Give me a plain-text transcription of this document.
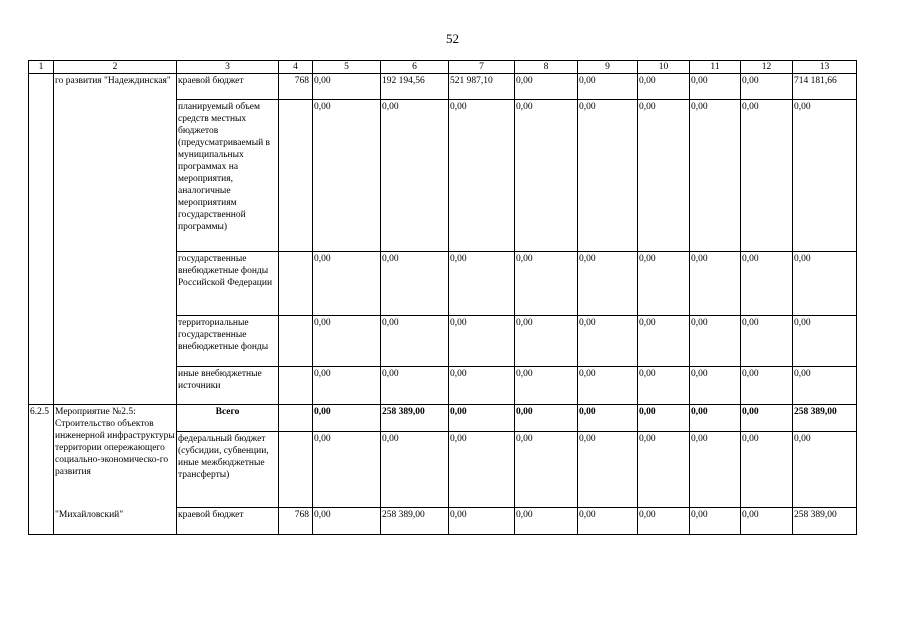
52
1	2	3	4	5	6	7	8	9	10	11	12	13
	го развития "Надеждинская"	краевой бюджет	768	0,00	192 194,56	521 987,10	0,00	0,00	0,00	0,00	0,00	714 181,66
		планируемый объем средств местных бюджетов (предусматриваемый в муниципальных программах на мероприятия, аналогичные мероприятиям государственной программы)		0,00	0,00	0,00	0,00	0,00	0,00	0,00	0,00	0,00
		государственные внебюджетные фонды Российской Федерации		0,00	0,00	0,00	0,00	0,00	0,00	0,00	0,00	0,00
		территориальные государственные внебюджетные фонды		0,00	0,00	0,00	0,00	0,00	0,00	0,00	0,00	0,00
		иные внебюджетные источники		0,00	0,00	0,00	0,00	0,00	0,00	0,00	0,00	0,00
6.2.5	Мероприятие №2.5: Строительство объектов инженерной инфраструктуры территории опережающего социально-экономическо-го развития	Всего		0,00	258 389,00	0,00	0,00	0,00	0,00	0,00	0,00	258 389,00
		федеральный бюджет (субсидии, субвенции, иные межбюджетные трансферты)		0,00	0,00	0,00	0,00	0,00	0,00	0,00	0,00	0,00
	"Михайловский"	краевой бюджет	768	0,00	258 389,00	0,00	0,00	0,00	0,00	0,00	0,00	258 389,00
